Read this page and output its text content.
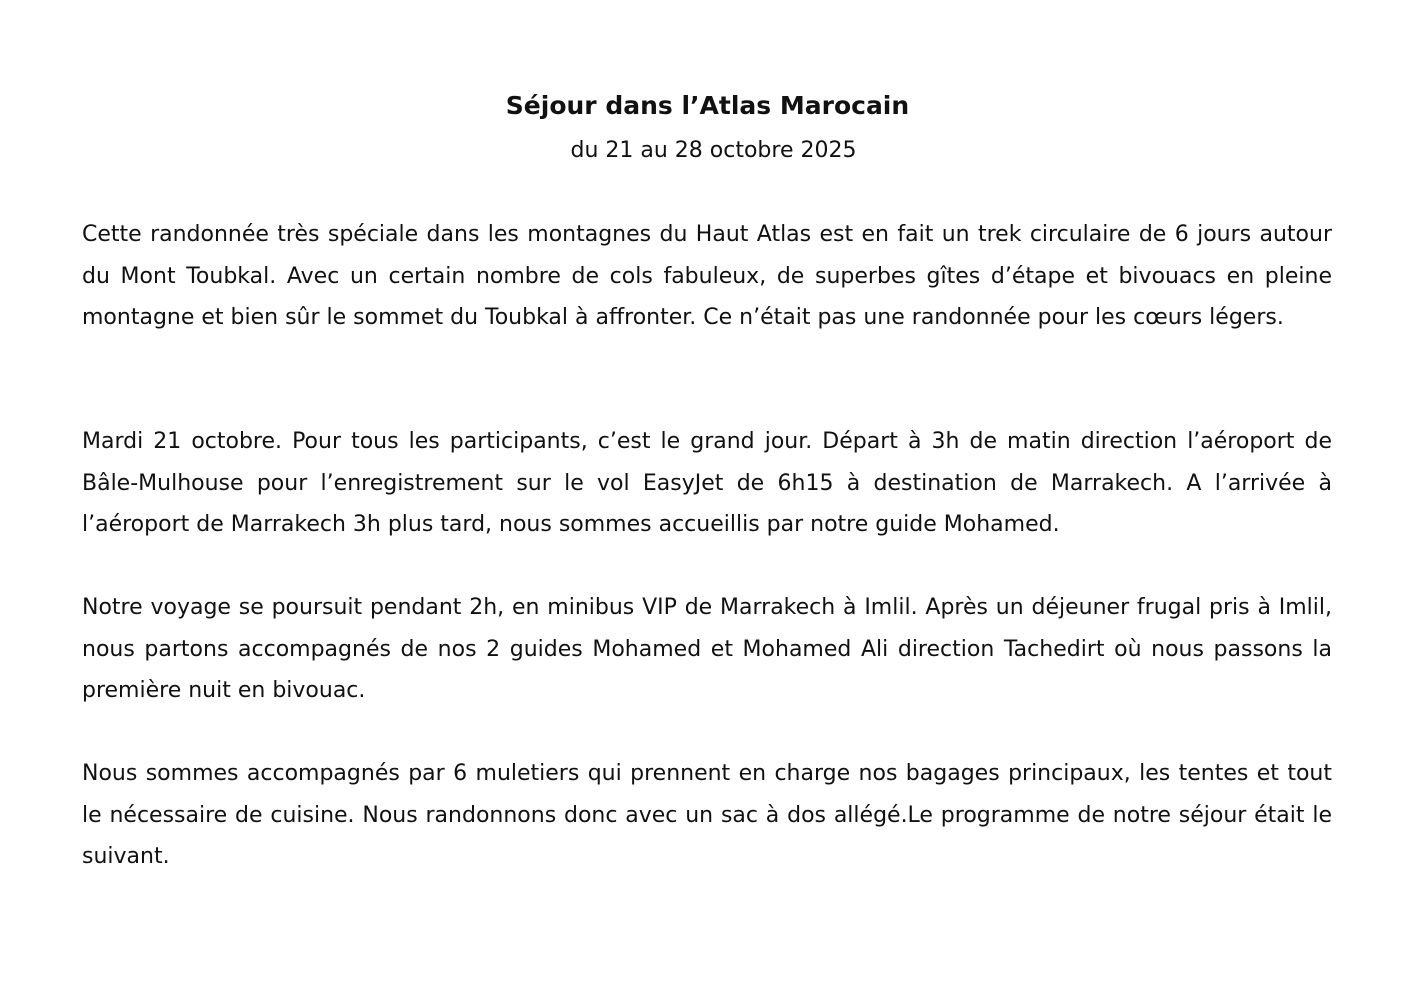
Séjour dans l’Atlas Marocain

du 21 au 28 octobre 2025

Cette randonnée très spéciale dans les montagnes du Haut Atlas est en fait un trek circulaire de 6 jours autour du Mont Toubkal. Avec un certain nombre de cols fabuleux, de superbes gîtes d’étape et bivouacs en pleine montagne et bien sûr le sommet du Toubkal à affronter. Ce n’était pas une randonnée pour les cœurs légers.

Mardi 21 octobre. Pour tous les participants, c’est le grand jour. Départ à 3h de matin direction l’aéroport de Bâle-Mulhouse pour l’enregistrement sur le vol EasyJet de 6h15 à destination de Marrakech. A l’arrivée à l’aéroport de Marrakech 3h plus tard, nous sommes accueillis par notre guide Mohamed.

Notre voyage se poursuit pendant 2h, en minibus VIP de Marrakech à Imlil. Après un déjeuner frugal pris à Imlil, nous partons accompagnés de nos 2 guides Mohamed et Mohamed Ali direction Tachedirt où nous passons la première nuit en bivouac.

Nous sommes accompagnés par 6 muletiers qui prennent en charge nos bagages principaux, les tentes et tout le nécessaire de cuisine. Nous randonnons donc avec un sac à dos allégé.Le programme de notre séjour était le suivant.
